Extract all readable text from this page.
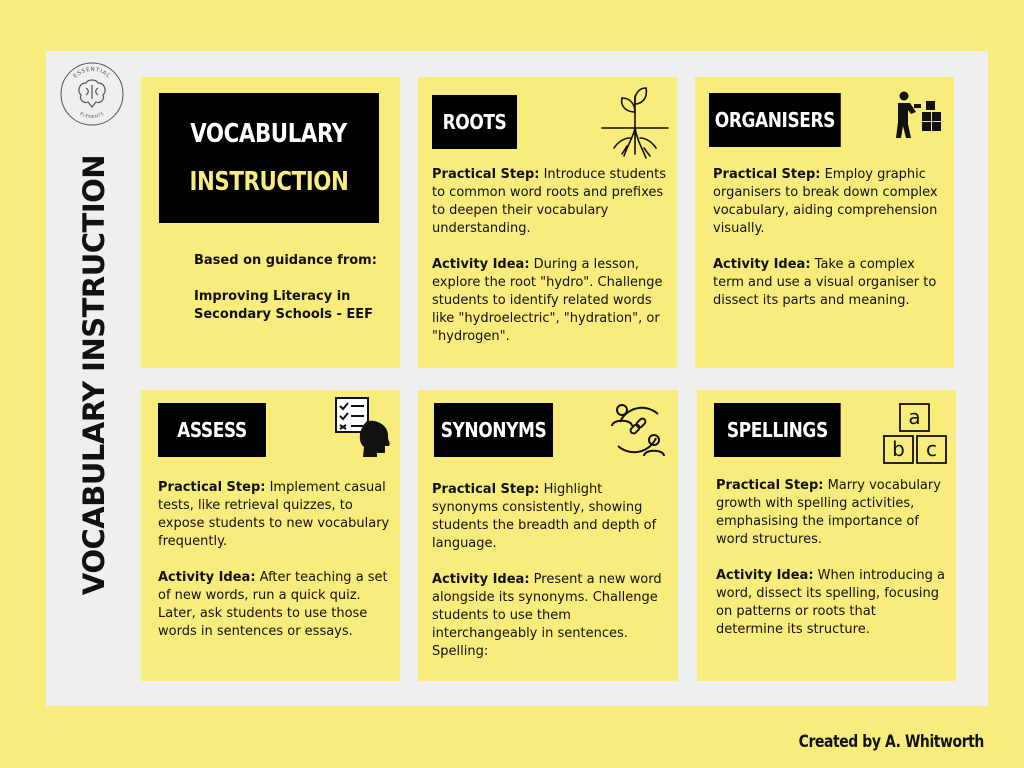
VOCABULARY INSTRUCTION
ESSENTIAL
ELEMENTS
VOCABULARY
INSTRUCTION
Based on guidance from:
Improving Literacy in
Secondary Schools - EEF
ROOTS

Practical Step: Introduce students to common word roots and prefixes to deepen their vocabulary understanding.

Activity Idea: During a lesson, explore the root "hydro". Challenge students to identify related words like "hydroelectric", "hydration", or "hydrogen".

ORGANISERS

Practical Step: Employ graphic organisers to break down complex vocabulary, aiding comprehension visually.

Activity Idea: Take a complex term and use a visual organiser to dissect its parts and meaning.

ASSESS

Practical Step: Implement casual tests, like retrieval quizzes, to expose students to new vocabulary frequently.

Activity Idea: After teaching a set of new words, run a quick quiz. Later, ask students to use those words in sentences or essays.

SYNONYMS

Practical Step: Highlight synonyms consistently, showing students the breadth and depth of language.

Activity Idea: Present a new word alongside its synonyms. Challenge students to use them interchangeably in sentences. Spelling:

SPELLINGS
a
b c

Practical Step: Marry vocabulary growth with spelling activities, emphasising the importance of word structures.

Activity Idea: When introducing a word, dissect its spelling, focusing on patterns or roots that determine its structure.

Created by A. Whitworth
